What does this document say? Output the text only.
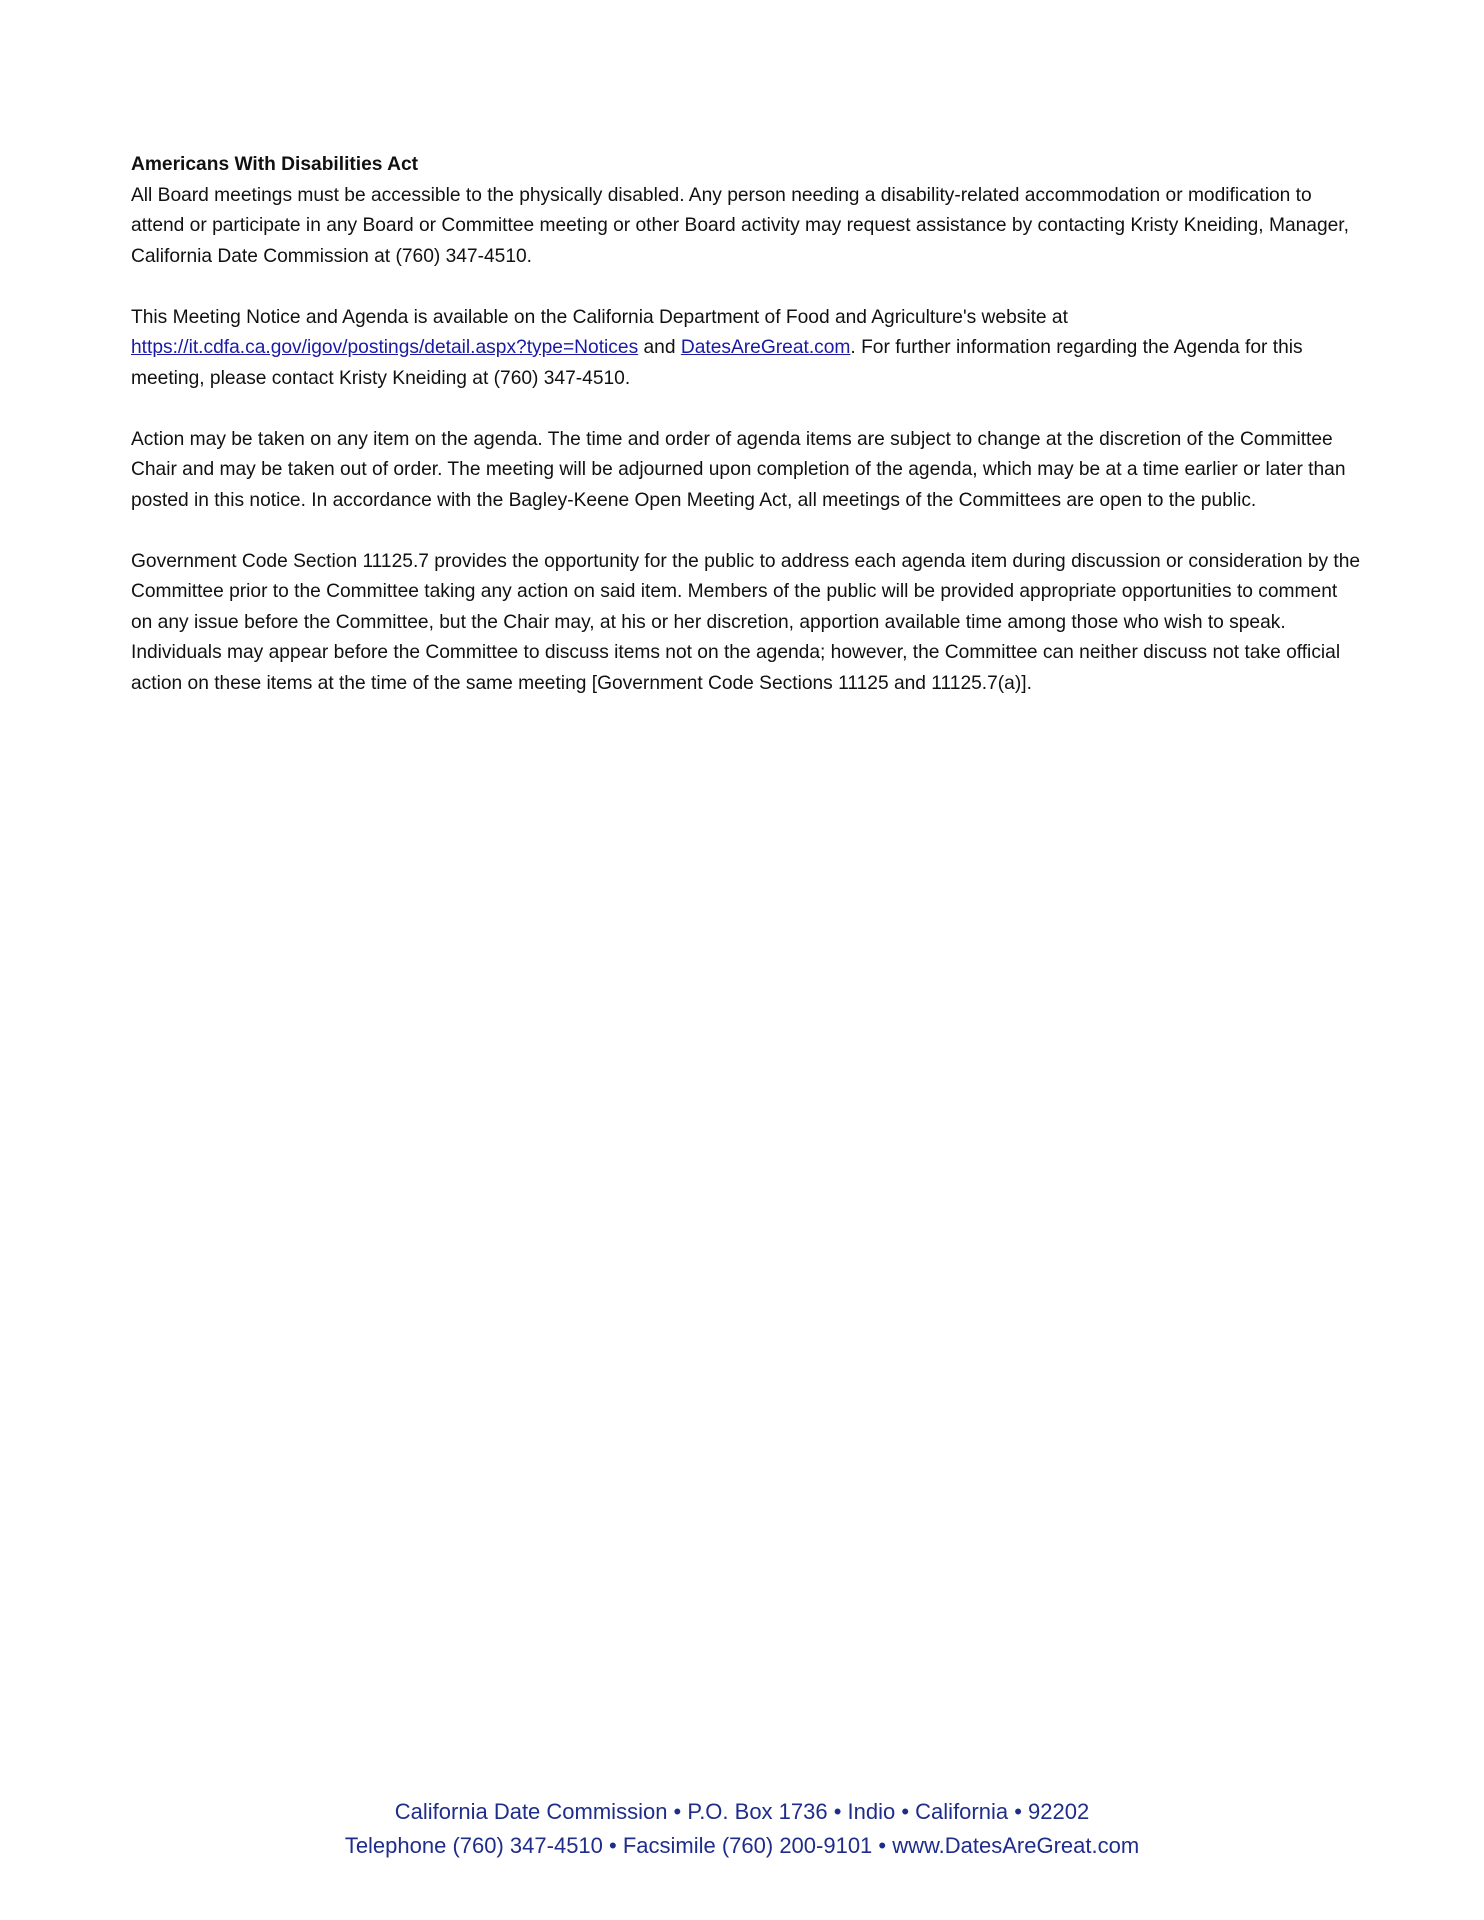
Americans With Disabilities Act

All Board meetings must be accessible to the physically disabled. Any person needing a disability-related accommodation or modification to attend or participate in any Board or Committee meeting or other Board activity may request assistance by contacting Kristy Kneiding, Manager, California Date Commission at (760) 347-4510.

This Meeting Notice and Agenda is available on the California Department of Food and Agriculture's website at
https://it.cdfa.ca.gov/igov/postings/detail.aspx?type=Notices and DatesAreGreat.com. For further information regarding the Agenda for this meeting, please contact Kristy Kneiding at (760) 347-4510.

Action may be taken on any item on the agenda. The time and order of agenda items are subject to change at the discretion of the Committee Chair and may be taken out of order. The meeting will be adjourned upon completion of the agenda, which may be at a time earlier or later than posted in this notice. In accordance with the Bagley-Keene Open Meeting Act, all meetings of the Committees are open to the public.

Government Code Section 11125.7 provides the opportunity for the public to address each agenda item during discussion or consideration by the Committee prior to the Committee taking any action on said item. Members of the public will be provided appropriate opportunities to comment on any issue before the Committee, but the Chair may, at his or her discretion, apportion available time among those who wish to speak. Individuals may appear before the Committee to discuss items not on the agenda; however, the Committee can neither discuss not take official action on these items at the time of the same meeting [Government Code Sections 11125 and 11125.7(a)].

California Date Commission • P.O. Box 1736 • Indio • California • 92202
Telephone (760) 347-4510 • Facsimile (760) 200-9101 • www.DatesAreGreat.com
